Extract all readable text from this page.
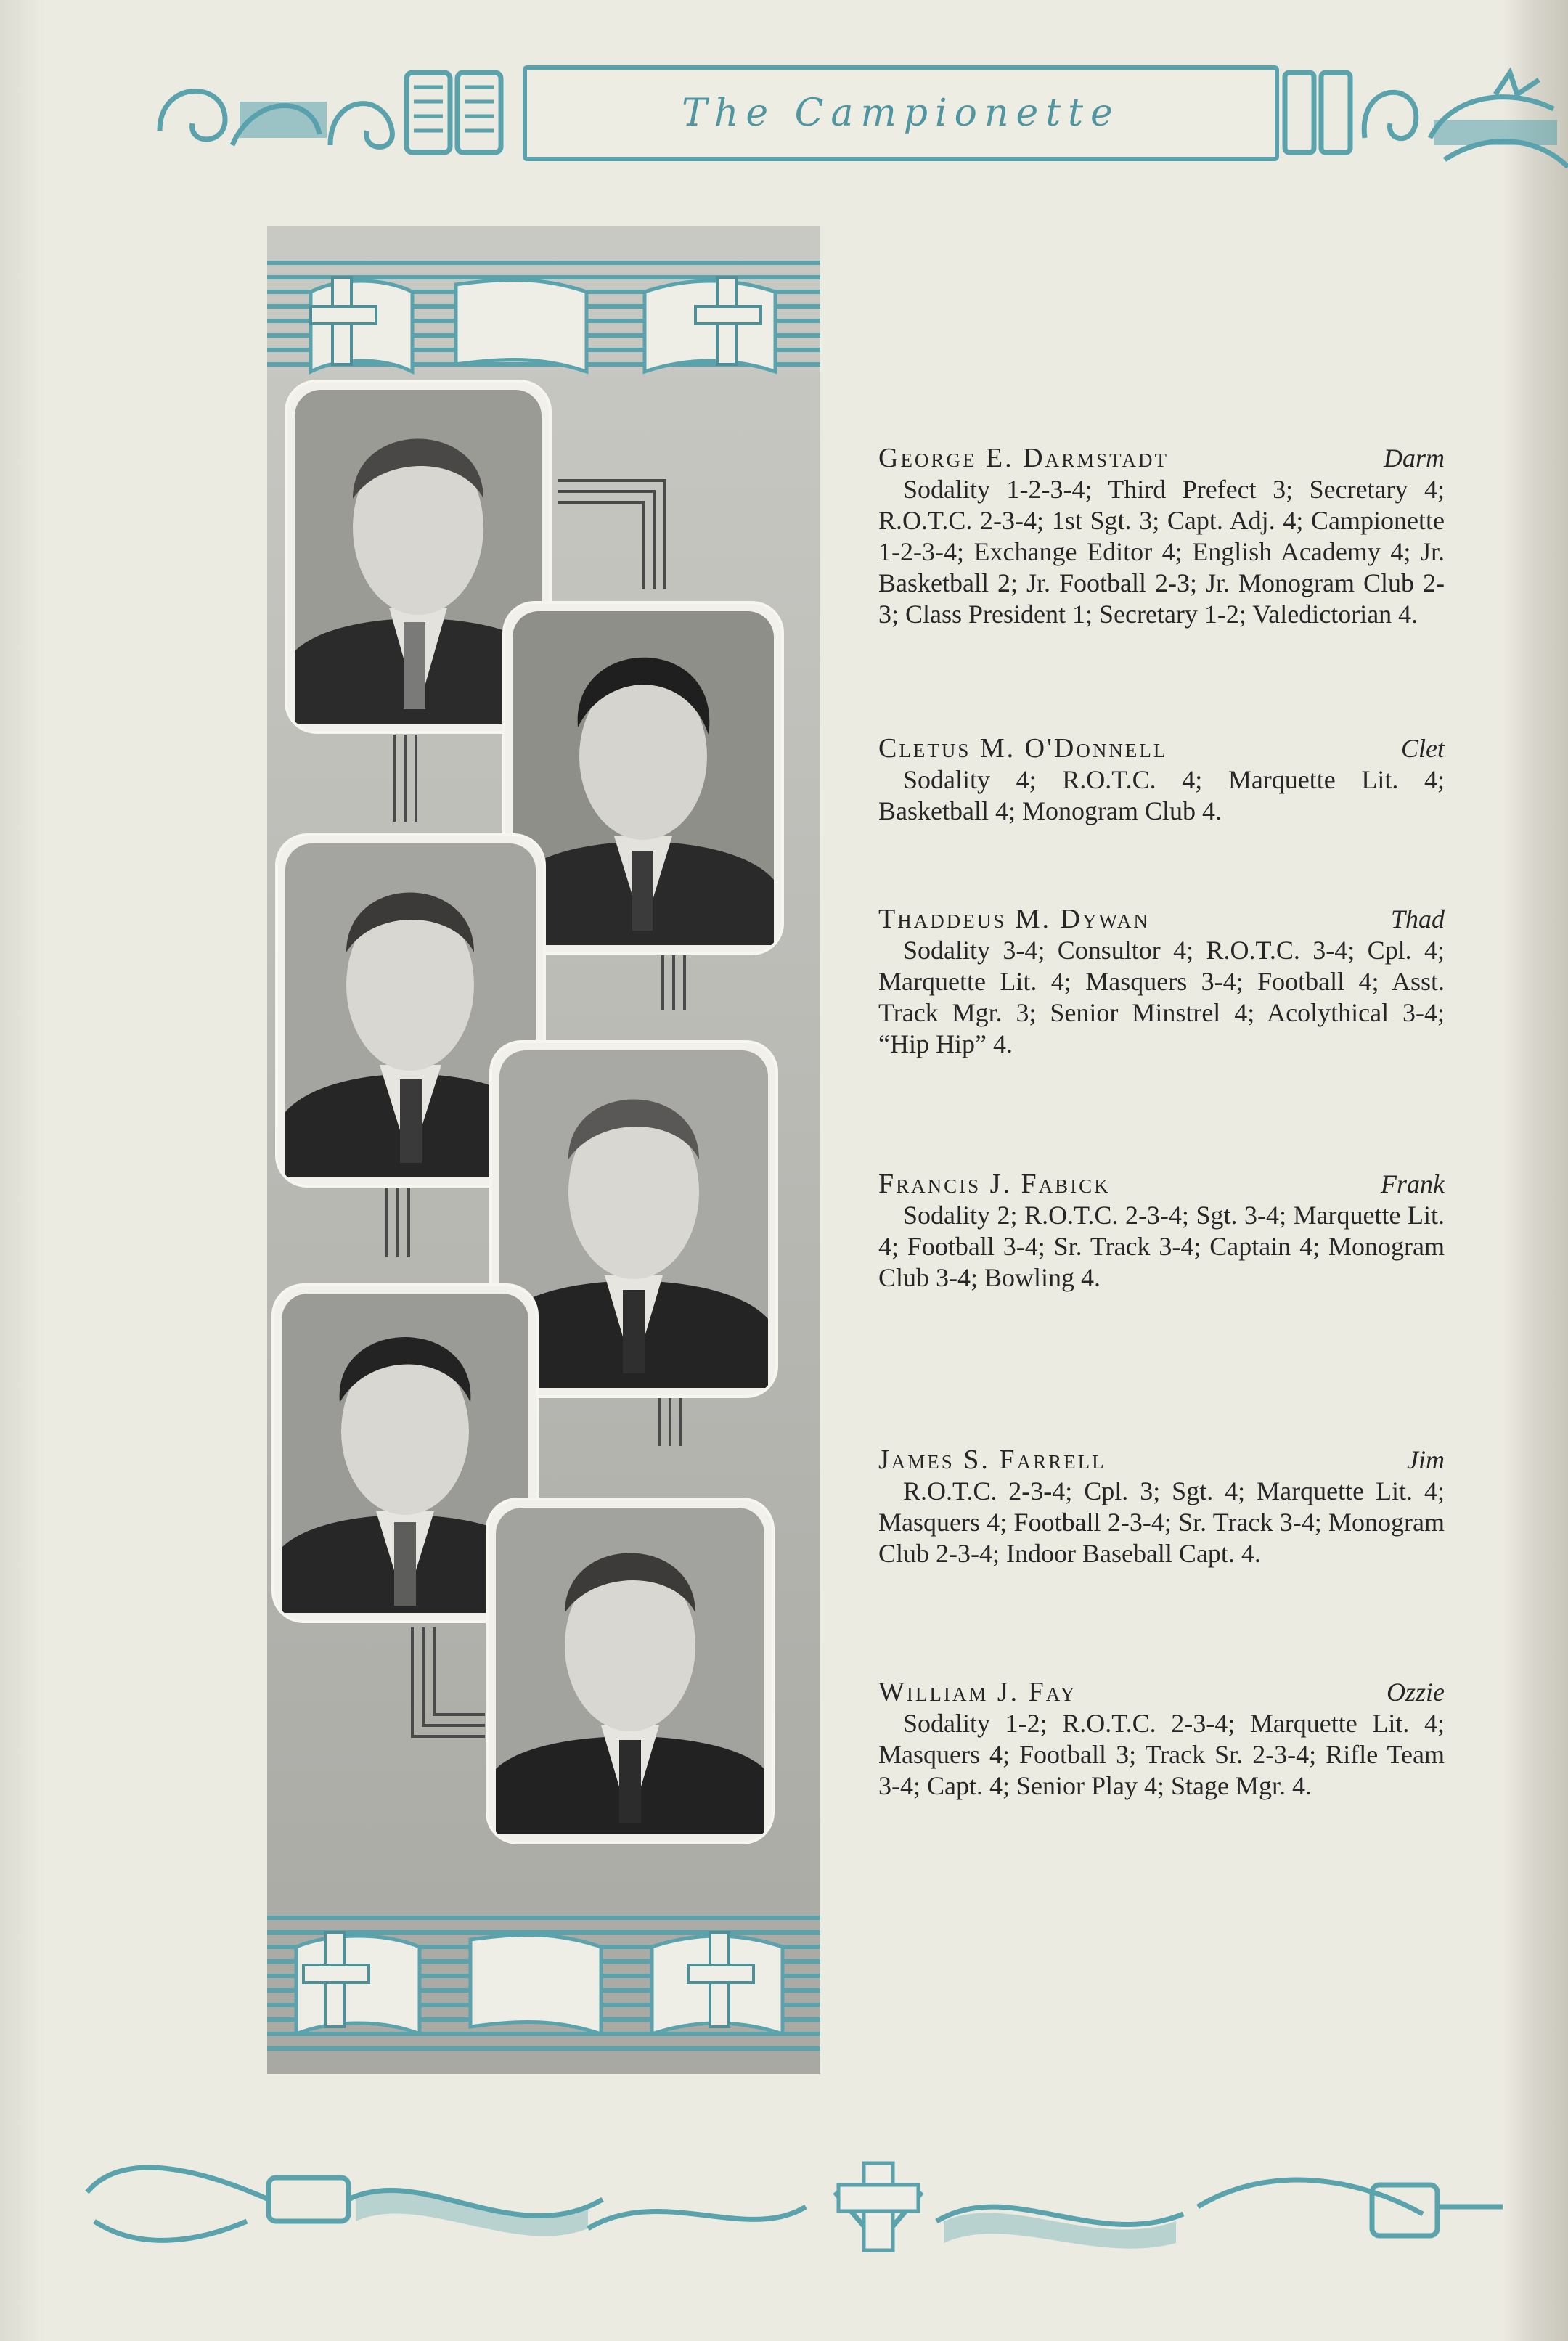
The Campionette
George E. Darmstadt	Darm

Sodality 1-2-3-4; Third Prefect 3; Secretary 4; R.O.T.C. 2-3-4; 1st Sgt. 3; Capt. Adj. 4; Campionette 1-2-3-4; Exchange Editor 4; English Academy 4; Jr. Basketball 2; Jr. Football 2-3; Jr. Monogram Club 2-3; Class President 1; Secretary 1-2; Valedictorian 4.

Cletus M. O'Donnell	Clet

Sodality 4; R.O.T.C. 4; Marquette Lit. 4; Basketball 4; Monogram Club 4.

Thaddeus M. Dywan	Thad

Sodality 3-4; Consultor 4; R.O.T.C. 3-4; Cpl. 4; Marquette Lit. 4; Masquers 3-4; Football 4; Asst. Track Mgr. 3; Senior Minstrel 4; Acolythical 3-4; “Hip Hip” 4.

Francis J. Fabick	Frank

Sodality 2; R.O.T.C. 2-3-4; Sgt. 3-4; Marquette Lit. 4; Football 3-4; Sr. Track 3-4; Captain 4; Monogram Club 3-4; Bowling 4.

James S. Farrell	Jim

R.O.T.C. 2-3-4; Cpl. 3; Sgt. 4; Marquette Lit. 4; Masquers 4; Football 2-3-4; Sr. Track 3-4; Monogram Club 2-3-4; Indoor Baseball Capt. 4.

William J. Fay	Ozzie

Sodality 1-2; R.O.T.C. 2-3-4; Marquette Lit. 4; Masquers 4; Football 3; Track Sr. 2-3-4; Rifle Team 3-4; Capt. 4; Senior Play 4; Stage Mgr. 4.
